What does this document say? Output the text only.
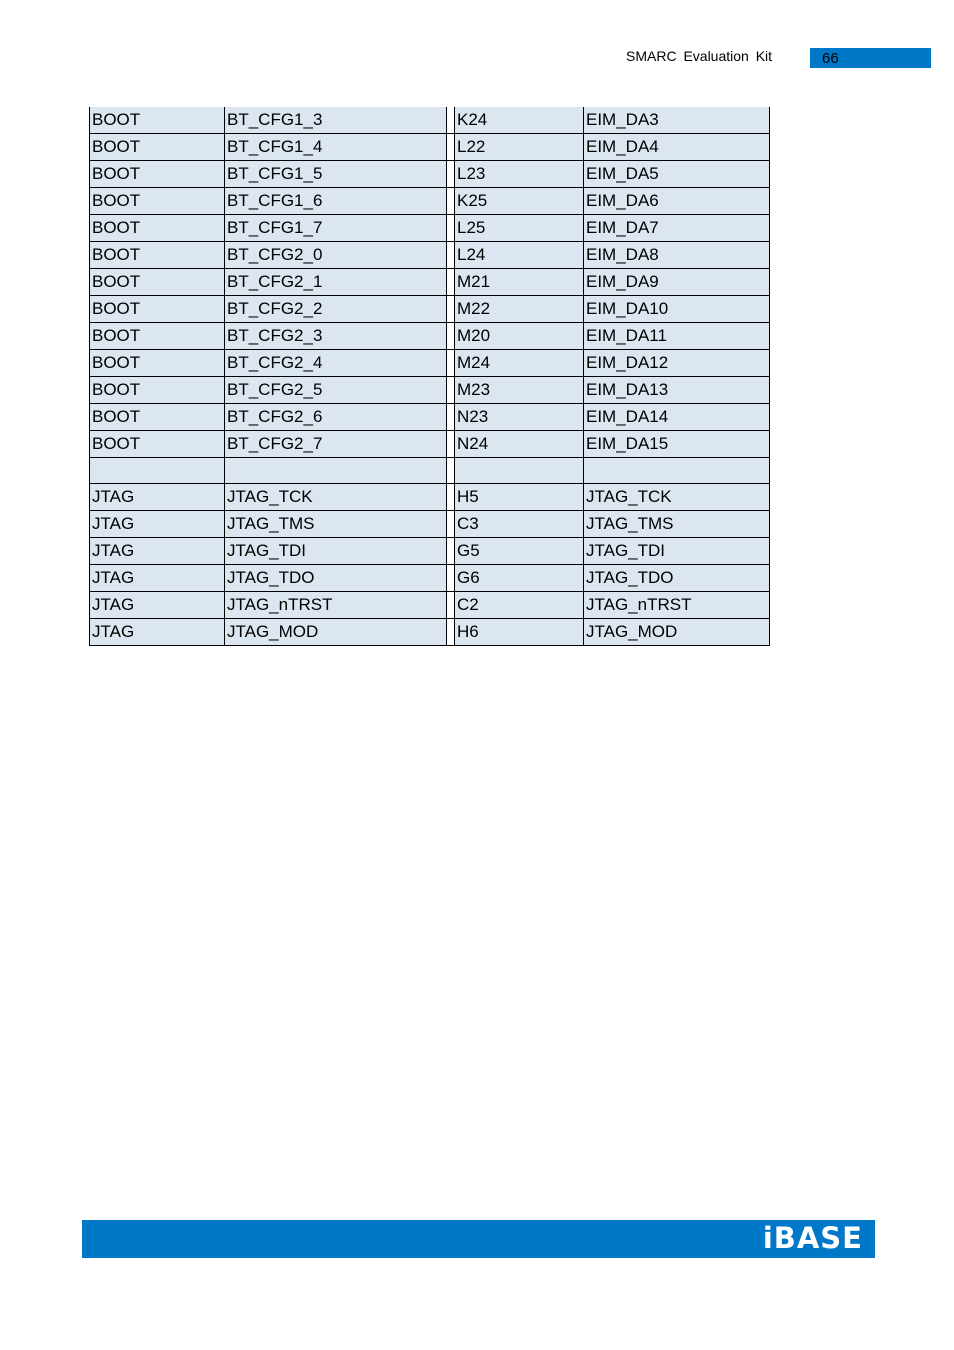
SMARC Evaluation Kit	66
BOOT	BT_CFG1_3		K24	EIM_DA3
BOOT	BT_CFG1_4		L22	EIM_DA4
BOOT	BT_CFG1_5		L23	EIM_DA5
BOOT	BT_CFG1_6		K25	EIM_DA6
BOOT	BT_CFG1_7		L25	EIM_DA7
BOOT	BT_CFG2_0		L24	EIM_DA8
BOOT	BT_CFG2_1		M21	EIM_DA9
BOOT	BT_CFG2_2		M22	EIM_DA10
BOOT	BT_CFG2_3		M20	EIM_DA11
BOOT	BT_CFG2_4		M24	EIM_DA12
BOOT	BT_CFG2_5		M23	EIM_DA13
BOOT	BT_CFG2_6		N23	EIM_DA14
BOOT	BT_CFG2_7		N24	EIM_DA15

JTAG	JTAG_TCK		H5	JTAG_TCK
JTAG	JTAG_TMS		C3	JTAG_TMS
JTAG	JTAG_TDI		G5	JTAG_TDI
JTAG	JTAG_TDO		G6	JTAG_TDO
JTAG	JTAG_nTRST		C2	JTAG_nTRST
JTAG	JTAG_MOD		H6	JTAG_MOD
iBASE
